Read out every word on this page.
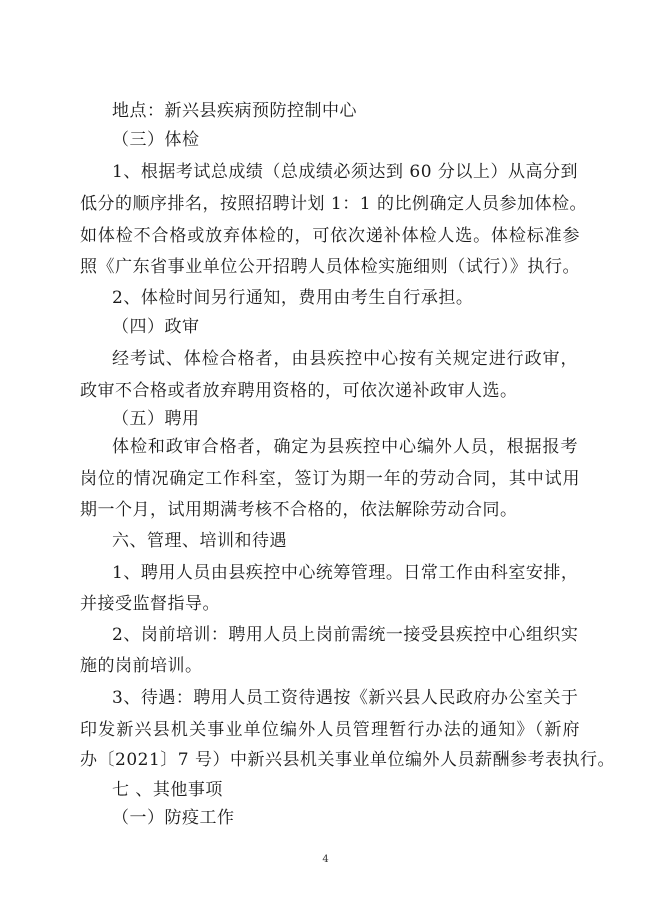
地点：新兴县疾病预防控制中心
（三）体检
1、根据考试总成绩（总成绩必须达到 60 分以上）从高分到
低分的顺序排名，按照招聘计划 1：1 的比例确定人员参加体检。
如体检不合格或放弃体检的，可依次递补体检人选。体检标准参
照《广东省事业单位公开招聘人员体检实施细则（试行）》执行。
2、体检时间另行通知，费用由考生自行承担。
（四）政审
经考试、体检合格者，由县疾控中心按有关规定进行政审，
政审不合格或者放弃聘用资格的，可依次递补政审人选。
（五）聘用
体检和政审合格者，确定为县疾控中心编外人员，根据报考
岗位的情况确定工作科室，签订为期一年的劳动合同，其中试用
期一个月，试用期满考核不合格的，依法解除劳动合同。
六、管理、培训和待遇
1、聘用人员由县疾控中心统筹管理。日常工作由科室安排，
并接受监督指导。
2、岗前培训：聘用人员上岗前需统一接受县疾控中心组织实
施的岗前培训。
3、待遇：聘用人员工资待遇按《新兴县人民政府办公室关于
印发新兴县机关事业单位编外人员管理暂行办法的通知》（新府
办〔2021〕7 号）中新兴县机关事业单位编外人员薪酬参考表执行。
七 、其他事项
（一）防疫工作
4
